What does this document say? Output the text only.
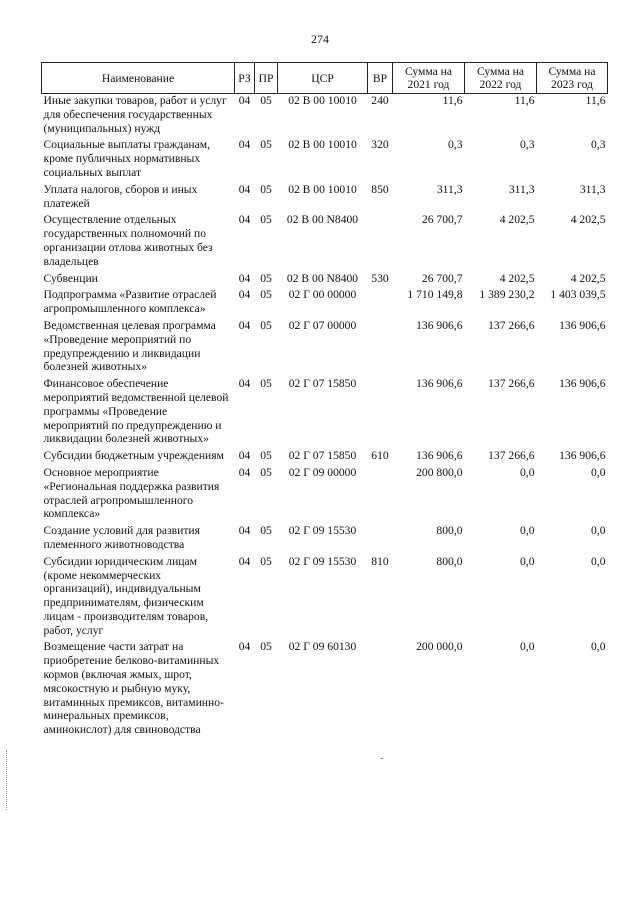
274
Наименование	РЗ	ПР	ЦСР	ВР	Сумма на 2021 год	Сумма на 2022 год	Сумма на 2023 год
Иные закупки товаров, работ и услуг для обеспечения государственных (муниципальных) нужд	04	05	02 В 00 10010	240	11,6	11,6	11,6
Социальные выплаты гражданам, кроме публичных нормативных социальных выплат	04	05	02 В 00 10010	320	0,3	0,3	0,3
Уплата налогов, сборов и иных платежей	04	05	02 В 00 10010	850	311,3	311,3	311,3
Осуществление отдельных государственных полномочий по организации отлова животных без владельцев	04	05	02 В 00 N8400		26 700,7	4 202,5	4 202,5
Субвенции	04	05	02 В 00 N8400	530	26 700,7	4 202,5	4 202,5
Подпрограмма «Развитие отраслей агропромышленного комплекса»	04	05	02 Г 00 00000		1 710 149,8	1 389 230,2	1 403 039,5
Ведомственная целевая программа «Проведение мероприятий по предупреждению и ликвидации болезней животных»	04	05	02 Г 07 00000		136 906,6	137 266,6	136 906,6
Финансовое обеспечение мероприятий ведомственной целевой программы «Проведение мероприятий по предупреждению и ликвидации болезней животных»	04	05	02 Г 07 15850		136 906,6	137 266,6	136 906,6
Субсидии бюджетным учреждениям	04	05	02 Г 07 15850	610	136 906,6	137 266,6	136 906,6
Основное мероприятие «Региональная поддержка развития отраслей агропромышленного комплекса»	04	05	02 Г 09 00000		200 800,0	0,0	0,0
Создание условий для развития племенного животноводства	04	05	02 Г 09 15530		800,0	0,0	0,0
Субсидии юридическим лицам (кроме некоммерческих организаций), индивидуальным предпринимателям, физическим лицам - производителям товаров, работ, услуг	04	05	02 Г 09 15530	810	800,0	0,0	0,0
Возмещение части затрат на приобретение белково-витаминных кормов (включая жмых, шрот, мясокостную и рыбную муку, витаминных премиксов, витаминно-минеральных премиксов, аминокислот) для свиноводства	04	05	02 Г 09 60130		200 000,0	0,0	0,0
